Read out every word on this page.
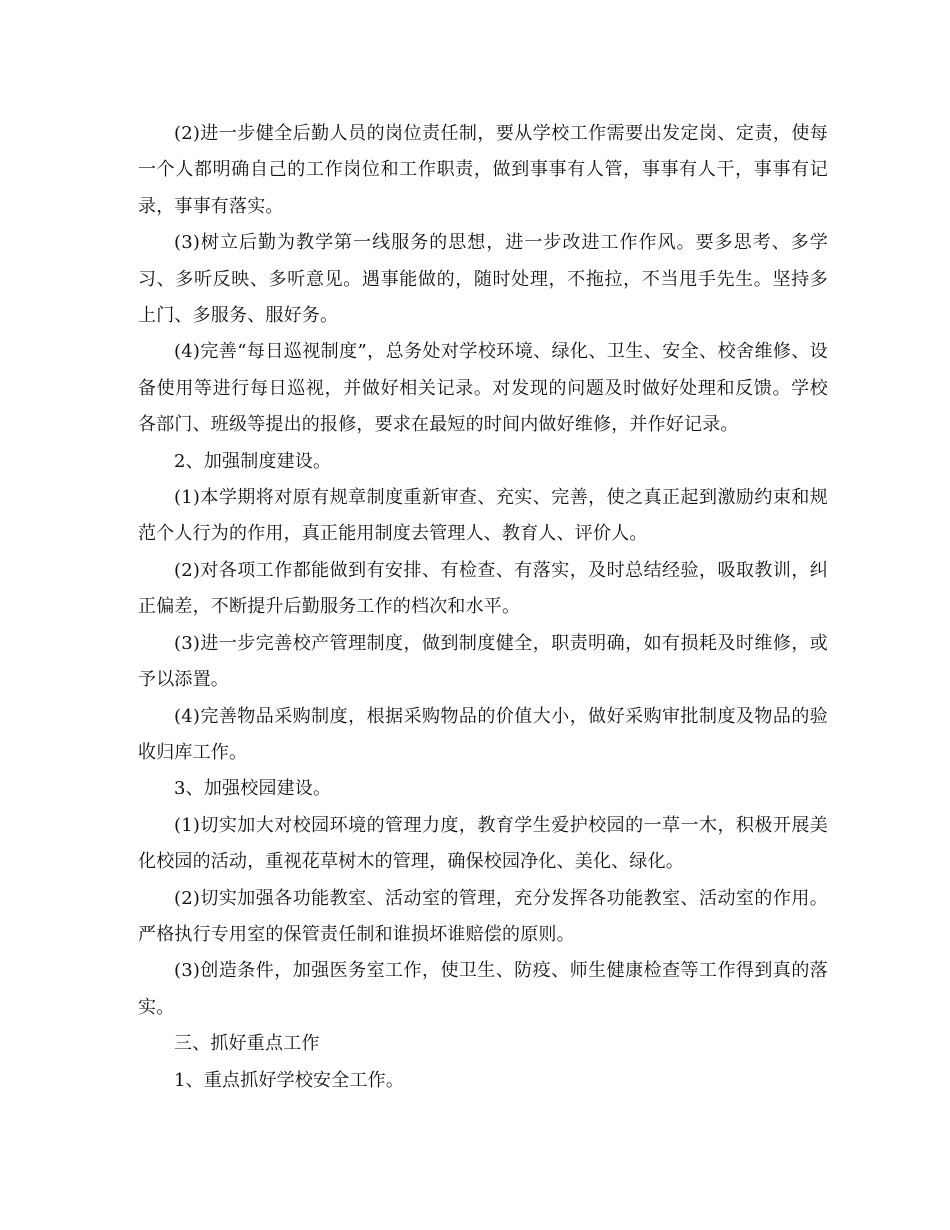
(2)进一步健全后勤人员的岗位责任制，要从学校工作需要出发定岗、定责，使每一个人都明确自己的工作岗位和工作职责，做到事事有人管，事事有人干，事事有记录，事事有落实。

(3)树立后勤为教学第一线服务的思想，进一步改进工作作风。要多思考、多学习、多听反映、多听意见。遇事能做的，随时处理，不拖拉，不当甩手先生。坚持多上门、多服务、服好务。

(4)完善“每日巡视制度”，总务处对学校环境、绿化、卫生、安全、校舍维修、设备使用等进行每日巡视，并做好相关记录。对发现的问题及时做好处理和反馈。学校各部门、班级等提出的报修，要求在最短的时间内做好维修，并作好记录。

2、加强制度建设。

(1)本学期将对原有规章制度重新审查、充实、完善，使之真正起到激励约束和规范个人行为的作用，真正能用制度去管理人、教育人、评价人。

(2)对各项工作都能做到有安排、有检查、有落实，及时总结经验，吸取教训，纠正偏差，不断提升后勤服务工作的档次和水平。

(3)进一步完善校产管理制度，做到制度健全，职责明确，如有损耗及时维修，或予以添置。

(4)完善物品采购制度，根据采购物品的价值大小，做好采购审批制度及物品的验收归库工作。

3、加强校园建设。

(1)切实加大对校园环境的管理力度，教育学生爱护校园的一草一木，积极开展美化校园的活动，重视花草树木的管理，确保校园净化、美化、绿化。

(2)切实加强各功能教室、活动室的管理，充分发挥各功能教室、活动室的作用。严格执行专用室的保管责任制和谁损坏谁赔偿的原则。

(3)创造条件，加强医务室工作，使卫生、防疫、师生健康检查等工作得到真的落实。

三、抓好重点工作

1、重点抓好学校安全工作。
